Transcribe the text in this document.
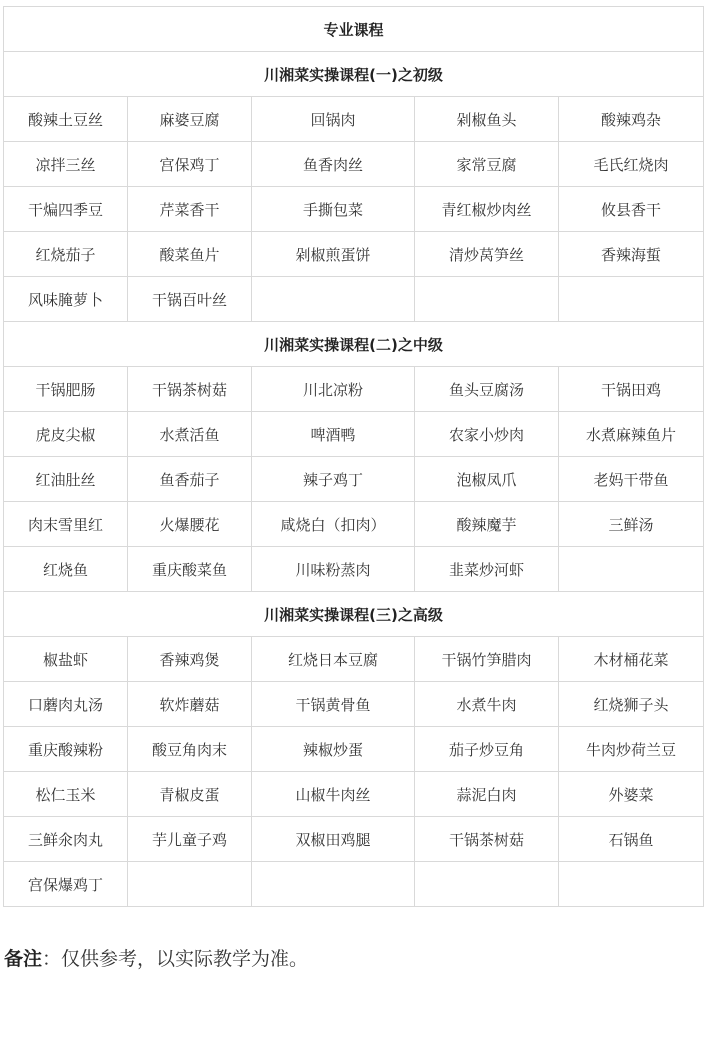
专业课程				
川湘菜实操课程(一)之初级				
酸辣土豆丝	麻婆豆腐	回锅肉	剁椒鱼头	酸辣鸡杂
凉拌三丝	宫保鸡丁	鱼香肉丝	家常豆腐	毛氏红烧肉
干煸四季豆	芹菜香干	手撕包菜	青红椒炒肉丝	攸县香干
红烧茄子	酸菜鱼片	剁椒煎蛋饼	清炒莴笋丝	香辣海蜇
风味腌萝卜	干锅百叶丝			
川湘菜实操课程(二)之中级				
干锅肥肠	干锅茶树菇	川北凉粉	鱼头豆腐汤	干锅田鸡
虎皮尖椒	水煮活鱼	啤酒鸭	农家小炒肉	水煮麻辣鱼片
红油肚丝	鱼香茄子	辣子鸡丁	泡椒凤爪	老妈干带鱼
肉末雪里红	火爆腰花	咸烧白（扣肉）	酸辣魔芋	三鲜汤
红烧鱼	重庆酸菜鱼	川味粉蒸肉	韭菜炒河虾	
川湘菜实操课程(三)之高级				
椒盐虾	香辣鸡煲	红烧日本豆腐	干锅竹笋腊肉	木材桶花菜
口蘑肉丸汤	软炸蘑菇	干锅黄骨鱼	水煮牛肉	红烧狮子头
重庆酸辣粉	酸豆角肉末	辣椒炒蛋	茄子炒豆角	牛肉炒荷兰豆
松仁玉米	青椒皮蛋	山椒牛肉丝	蒜泥白肉	外婆菜
三鲜氽肉丸	芋儿童子鸡	双椒田鸡腿	干锅茶树菇	石锅鱼
宫保爆鸡丁				
备注：仅供参考，以实际教学为准。
